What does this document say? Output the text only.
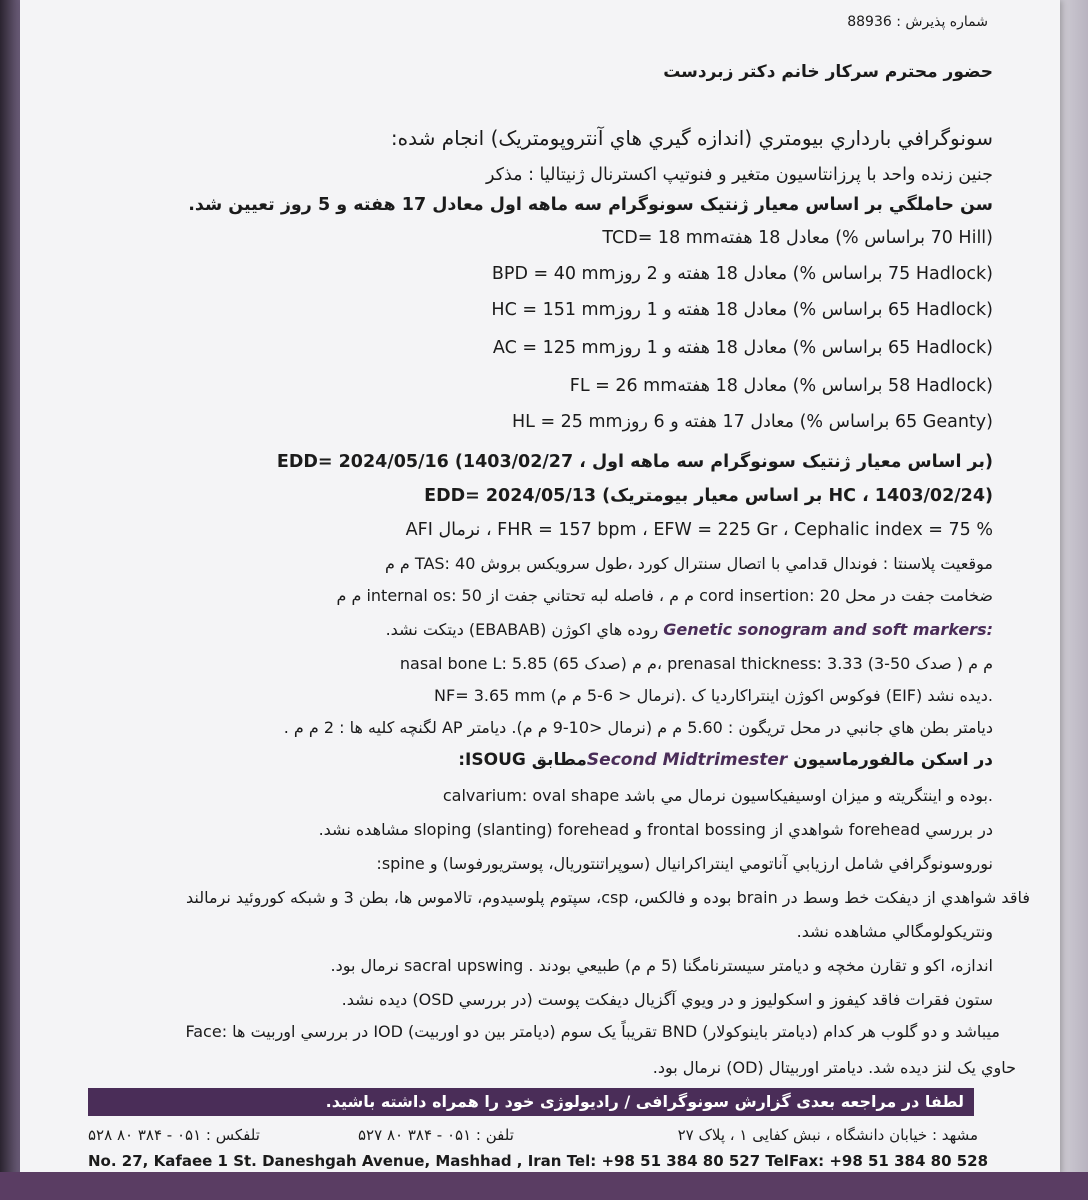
شماره پذیرش : 88936
حضور محترم سرکار خانم دکتر زبردست
سونوگرافي بارداري بيومتري (اندازه گيري هاي آنتروپومتريک) انجام شده:
جنين زنده واحد با پرزانتاسيون متغير و فنوتيپ اکسترنال ژنيتاليا : مذکر
سن حاملگي بر اساس معيار ژنتيک سونوگرام سه ماهه اول معادل 17 هفته و 5 روز تعيين شد.
TCD= 18 mmمعادل 18 هفته (% 70 براساس Hill)
BPD = 40 mmمعادل 18 هفته و 2 روز (% 75 براساس Hadlock)
HC = 151 mmمعادل 18 هفته و 1 روز (% 65 براساس Hadlock)
AC = 125 mmمعادل 18 هفته و 1 روز (% 65 براساس Hadlock)
FL = 26 mmمعادل 18 هفته (% 58 براساس Hadlock)
HL = 25 mmمعادل 17 هفته و 6 روز (% 65 براساس Geanty)
EDD= 2024/05/16 (بر اساس معيار ژنتيک سونوگرام سه ماهه اول ، 1403/02/27)
EDD= 2024/05/13 (بر اساس معيار بيومتريک HC ، 1403/02/24)
AFI نرمال ، FHR = 157 bpm ، EFW = 225 Gr ، Cephalic index = 75 %
موقعيت پلاسنتا : فوندال قدامي با اتصال سنترال کورد ،طول سرويکس بروش TAS: 40 م م
ضخامت جفت در محل cord insertion: 20 م م ، فاصله لبه تحتاني جفت از internal os: 50 م م
Genetic sonogram and soft markers: روده هاي اکوژن (EBABAB) ديتکت نشد.
nasal bone L: 5.85 م م (صدک 65)، prenasal thickness: 3.33 م م ( صدک 50-3)
NF= 3.65 mm (نرمال < 6-5 م م). فوکوس اکوژن اينتراکارديا ک (EIF) ديده نشد.
ديامتر بطن هاي جانبي در محل تريگون : 5.60 م م (نرمال <10-9 م م). ديامتر AP لگنچه کليه ها : 2 م م .
در اسکن مالفورماسيون Second Midtrimesterمطابق ISOUG:
calvarium: oval shape بوده و اينتگريته و ميزان اوسيفيکاسيون نرمال مي باشد.
در بررسي forehead شواهدي از frontal bossing و sloping (slanting) forehead مشاهده نشد.
نوروسونوگرافي شامل ارزيابي آناتومي اينتراکرانيال (سوپراتنتوريال، پوستريورفوسا) و spine:
فاقد شواهدي از ديفکت خط وسط در brain بوده و فالکس، csp، سپتوم پلوسيدوم، تالاموس ها، بطن 3 و شبکه کوروئيد نرمالند
ونتريکولومگالي مشاهده نشد.
اندازه، اکو و تقارن مخچه و ديامتر سيسترنامگنا (5 م م) طبيعي بودند . sacral upswing نرمال بود.
ستون فقرات فاقد کيفوز و اسکوليوز و در ويوي آگزيال ديفکت پوست (در بررسي OSD) ديده نشد.
Face: در بررسي اوربيت ها IOD (ديامتر بين دو اوربيت) تقريباً يک سوم BND (ديامتر باينوکولار) ميباشد و دو گلوب هر کدام
حاوي يک لنز ديده شد. ديامتر اوربيتال (OD) نرمال بود.
لطفا در مراجعه بعدی گزارش سونوگرافی / رادیولوژی خود را همراه داشته باشید.
مشهد : خیابان دانشگاه ، نبش کفایی ۱ ، پلاک ۲۷
تلفن : ۰۵۱ - ۳۸۴ ۸۰ ۵۲۷
تلفکس : ۰۵۱ - ۳۸۴ ۸۰ ۵۲۸
No. 27, Kafaee 1 St. Daneshgah Avenue, Mashhad , Iran Tel: +98 51 384 80 527 TelFax: +98 51 384 80 528
